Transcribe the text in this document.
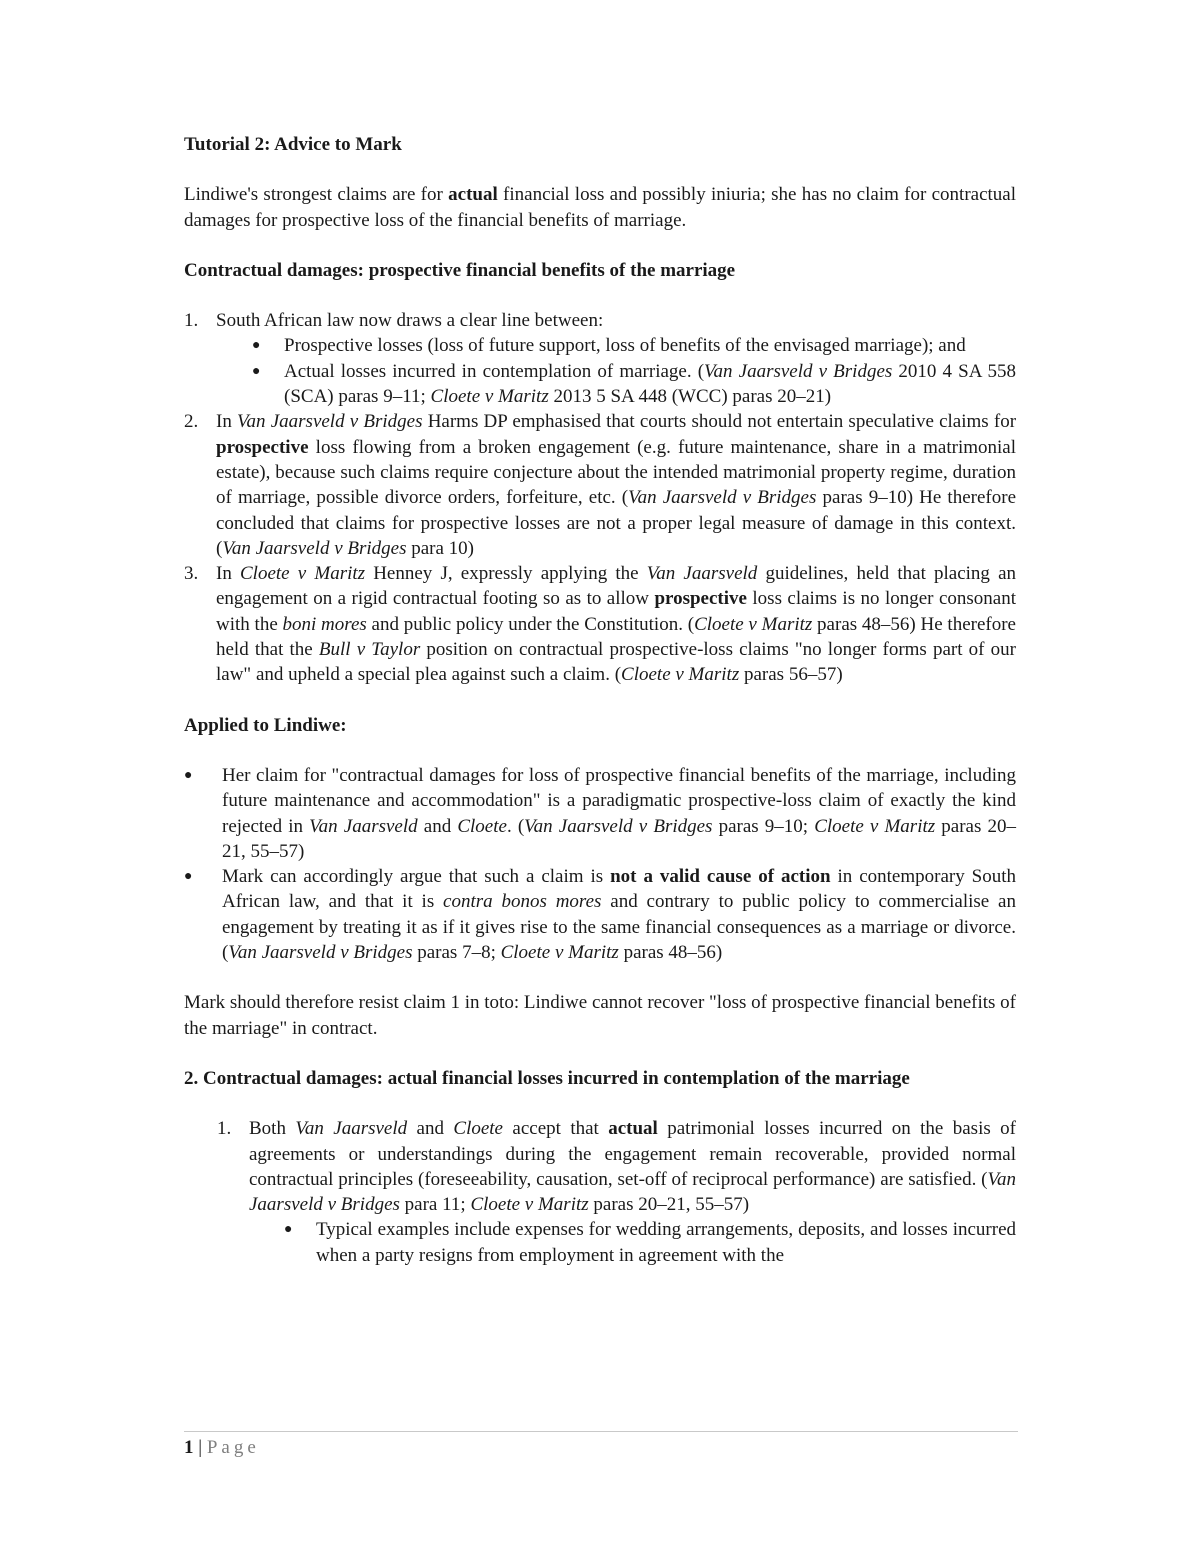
Tutorial 2: Advice to Mark

Lindiwe's strongest claims are for actual financial loss and possibly iniuria; she has no claim for contractual damages for prospective loss of the financial benefits of marriage.

Contractual damages: prospective financial benefits of the marriage

1. South African law now draws a clear line between:
● Prospective losses (loss of future support, loss of benefits of the envisaged marriage); and
● Actual losses incurred in contemplation of marriage. (Van Jaarsveld v Bridges 2010 4 SA 558 (SCA) paras 9–11; Cloete v Maritz 2013 5 SA 448 (WCC) paras 20–21)
2. In Van Jaarsveld v Bridges Harms DP emphasised that courts should not entertain speculative claims for prospective loss flowing from a broken engagement (e.g. future maintenance, share in a matrimonial estate), because such claims require conjecture about the intended matrimonial property regime, duration of marriage, possible divorce orders, forfeiture, etc. (Van Jaarsveld v Bridges paras 9–10) He therefore concluded that claims for prospective losses are not a proper legal measure of damage in this context. (Van Jaarsveld v Bridges para 10)
3. In Cloete v Maritz Henney J, expressly applying the Van Jaarsveld guidelines, held that placing an engagement on a rigid contractual footing so as to allow prospective loss claims is no longer consonant with the boni mores and public policy under the Constitution. (Cloete v Maritz paras 48–56) He therefore held that the Bull v Taylor position on contractual prospective-loss claims "no longer forms part of our law" and upheld a special plea against such a claim. (Cloete v Maritz paras 56–57)

Applied to Lindiwe:

● Her claim for "contractual damages for loss of prospective financial benefits of the marriage, including future maintenance and accommodation" is a paradigmatic prospective-loss claim of exactly the kind rejected in Van Jaarsveld and Cloete. (Van Jaarsveld v Bridges paras 9–10; Cloete v Maritz paras 20–21, 55–57)
● Mark can accordingly argue that such a claim is not a valid cause of action in contemporary South African law, and that it is contra bonos mores and contrary to public policy to commercialise an engagement by treating it as if it gives rise to the same financial consequences as a marriage or divorce. (Van Jaarsveld v Bridges paras 7–8; Cloete v Maritz paras 48–56)

Mark should therefore resist claim 1 in toto: Lindiwe cannot recover "loss of prospective financial benefits of the marriage" in contract.

2. Contractual damages: actual financial losses incurred in contemplation of the marriage

1. Both Van Jaarsveld and Cloete accept that actual patrimonial losses incurred on the basis of agreements or understandings during the engagement remain recoverable, provided normal contractual principles (foreseeability, causation, set-off of reciprocal performance) are satisfied. (Van Jaarsveld v Bridges para 11; Cloete v Maritz paras 20–21, 55–57)
● Typical examples include expenses for wedding arrangements, deposits, and losses incurred when a party resigns from employment in agreement with the
1 | Page
